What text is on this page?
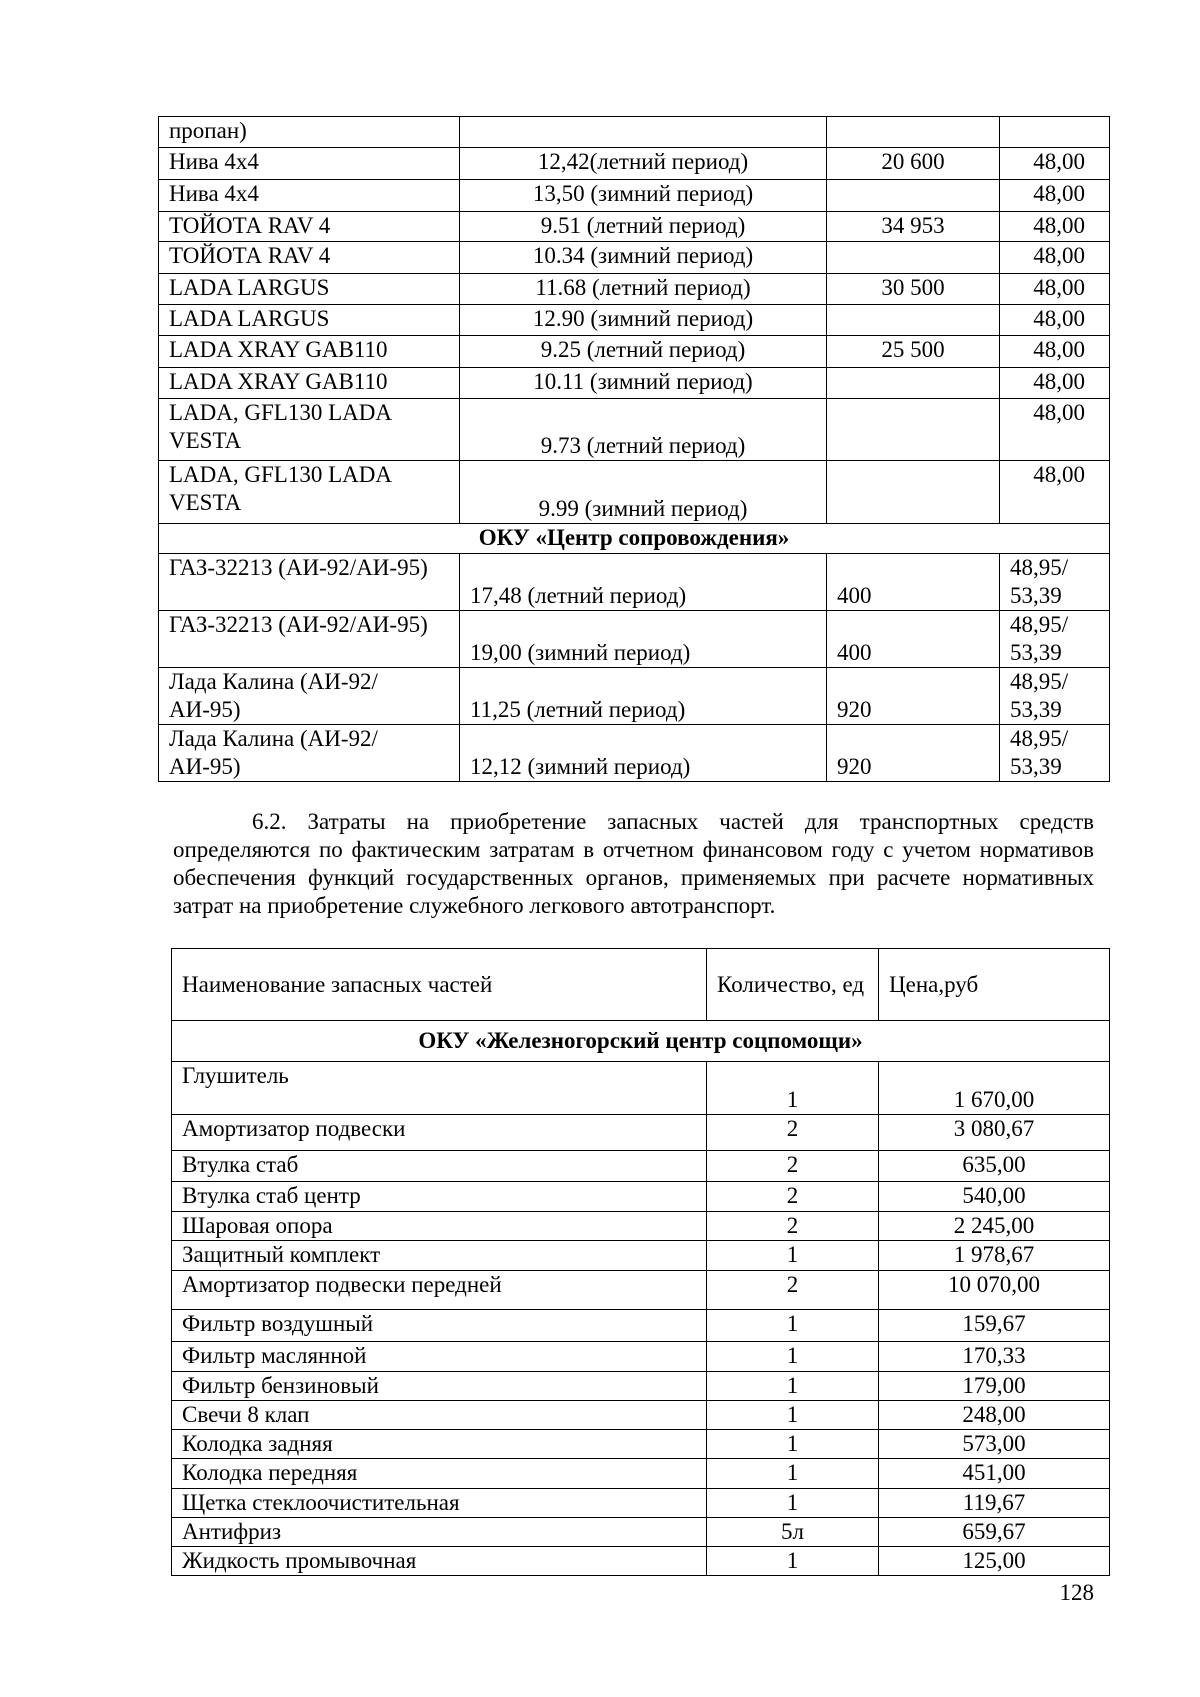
пропан)			
Нива 4х4	12,42(летний период)	20 600	48,00
Нива 4х4	13,50 (зимний период)		48,00
ТОЙОТА RAV 4	9.51 (летний период)	34 953	48,00
ТОЙОТА RAV 4	10.34 (зимний период)		48,00
LADA LARGUS	11.68 (летний период)	30 500	48,00
LADA LARGUS	12.90 (зимний период)		48,00
LADA XRAY GAB110	9.25 (летний период)	25 500	48,00
LADA XRAY GAB110	10.11 (зимний период)		48,00
LADA, GFL130 LADA VESTA	9.73 (летний период)		48,00
LADA, GFL130 LADA VESTA	9.99 (зимний период)		48,00
ОКУ «Центр сопровождения»			
ГАЗ-32213 (АИ-92/АИ-95)	17,48 (летний период)	400	48,95/ 53,39
ГАЗ-32213 (АИ-92/АИ-95)	19,00 (зимний период)	400	48,95/ 53,39
Лада Калина (АИ-92/АИ-95)	11,25 (летний период)	920	48,95/ 53,39
Лада Калина (АИ-92/АИ-95)	12,12 (зимний период)	920	48,95/ 53,39

6.2. Затраты на приобретение запасных частей для транспортных средств определяются по фактическим затратам в отчетном финансовом году с учетом нормативов обеспечения функций государственных органов, применяемых при расчете нормативных затрат на приобретение служебного легкового автотранспорт.

Наименование запасных частей	Количество, ед	Цена,руб
ОКУ «Железногорский центр соцпомощи»		
Глушитель	1	1 670,00
Амортизатор подвески	2	3 080,67
Втулка стаб	2	635,00
Втулка стаб центр	2	540,00
Шаровая опора	2	2 245,00
Защитный комплект	1	1 978,67
Амортизатор подвески передней	2	10 070,00
Фильтр воздушный	1	159,67
Фильтр маслянной	1	170,33
Фильтр бензиновый	1	179,00
Свечи 8 клап	1	248,00
Колодка задняя	1	573,00
Колодка передняя	1	451,00
Щетка стеклоочистительная	1	119,67
Антифриз	5л	659,67
Жидкость промывочная	1	125,00
128
